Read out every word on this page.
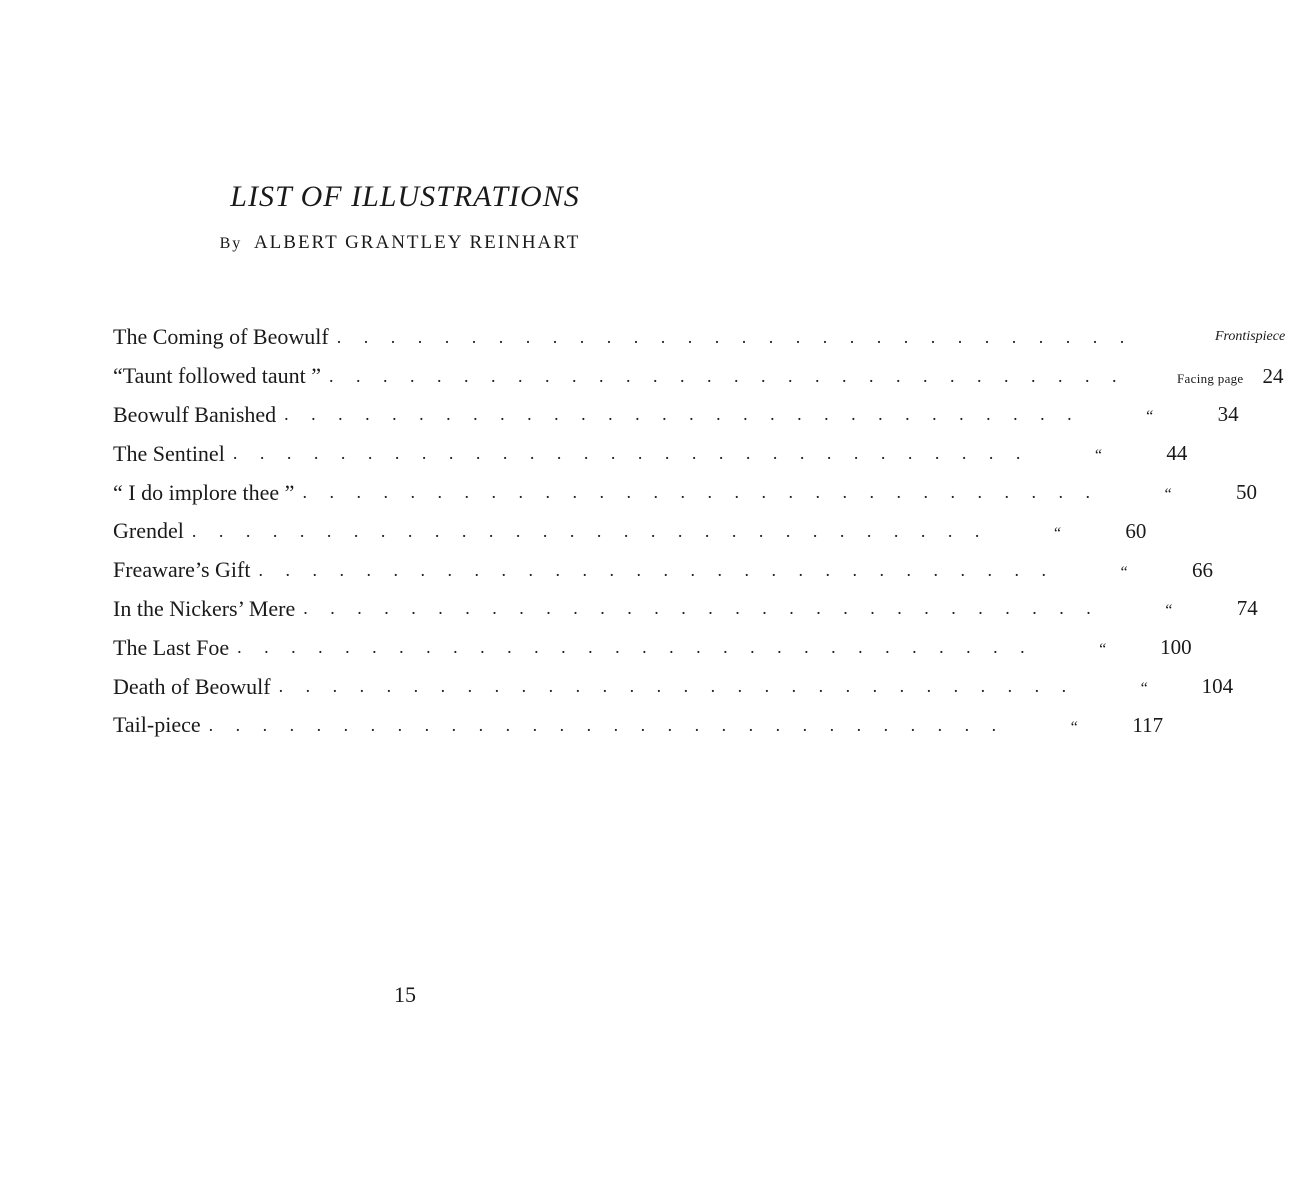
LIST OF ILLUSTRATIONS
By ALBERT GRANTLEY REINHART
The Coming of Beowulf . . . . . . . . . . . . . . . . . . . . . . . . . . . . . .	Frontispiece
“Taunt followed taunt ” . . . . . . . . . . . . . . . . . . . . . . . . . . . . . .	Facing page 24
Beowulf Banished . . . . . . . . . . . . . . . . . . . . . . . . . . . . . .	“	34
The Sentinel . . . . . . . . . . . . . . . . . . . . . . . . . . . . . .	“	44
“ I do implore thee ” . . . . . . . . . . . . . . . . . . . . . . . . . . . . . .	“	50
Grendel . . . . . . . . . . . . . . . . . . . . . . . . . . . . . .	“	60
Freaware’s Gift . . . . . . . . . . . . . . . . . . . . . . . . . . . . . .	“	66
In the Nickers’ Mere . . . . . . . . . . . . . . . . . . . . . . . . . . . . . .	“	74
The Last Foe . . . . . . . . . . . . . . . . . . . . . . . . . . . . . .	“	100
Death of Beowulf . . . . . . . . . . . . . . . . . . . . . . . . . . . . . .	“	104
Tail-piece . . . . . . . . . . . . . . . . . . . . . . . . . . . . . .	“	117
15
